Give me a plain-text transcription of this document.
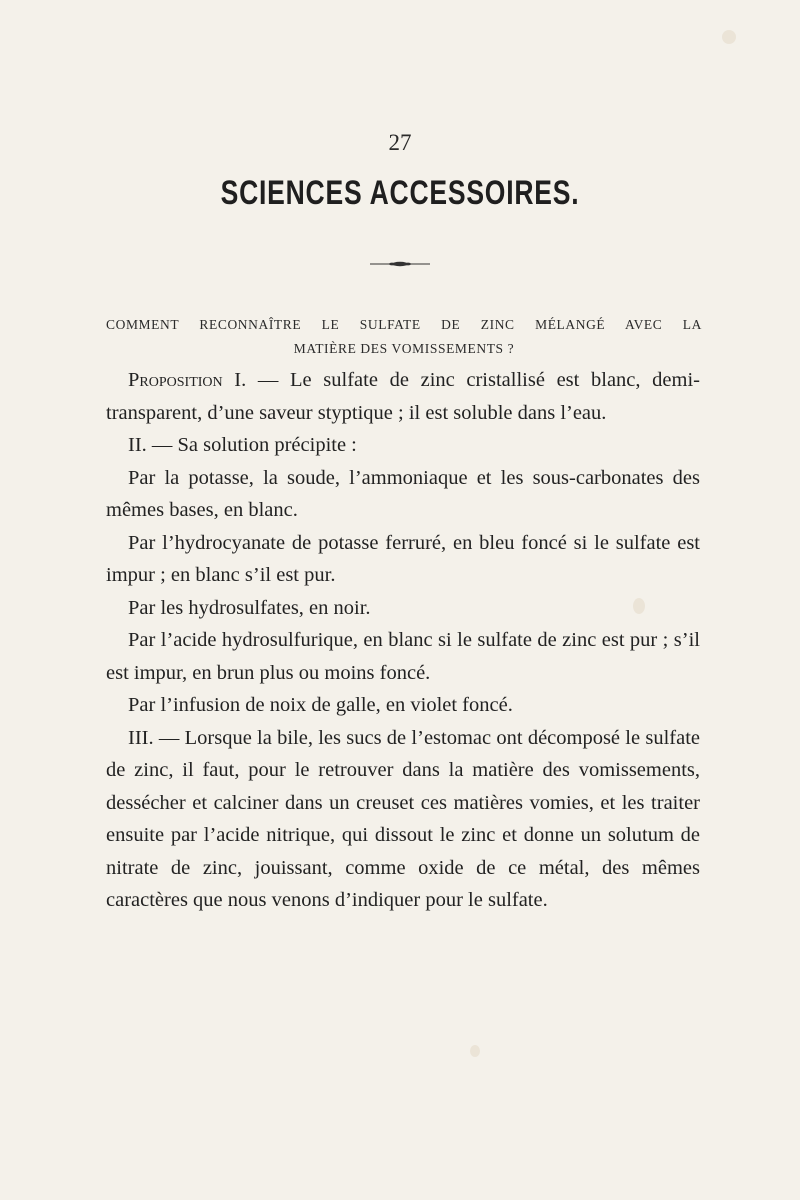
27
SCIENCES ACCESSOIRES.
COMMENT RECONNAÎTRE LE SULFATE DE ZINC MÉLANGÉ AVEC LA
MATIÈRE DES VOMISSEMENTS ?

Proposition I. — Le sulfate de zinc cristallisé est blanc, demi-transparent, d’une saveur styptique ; il est soluble dans l’eau.

II. — Sa solution précipite :

Par la potasse, la soude, l’ammoniaque et les sous-carbonates des mêmes bases, en blanc.

Par l’hydrocyanate de potasse ferruré, en bleu foncé si le sulfate est impur ; en blanc s’il est pur.

Par les hydrosulfates, en noir.

Par l’acide hydrosulfurique, en blanc si le sulfate de zinc est pur ; s’il est impur, en brun plus ou moins foncé.

Par l’infusion de noix de galle, en violet foncé.

III. — Lorsque la bile, les sucs de l’estomac ont décomposé le sulfate de zinc, il faut, pour le retrouver dans la matière des vomissements, dessécher et calciner dans un creuset ces matières vomies, et les traiter ensuite par l’acide nitrique, qui dissout le zinc et donne un solutum de nitrate de zinc, jouissant, comme oxide de ce métal, des mêmes caractères que nous venons d’indiquer pour le sulfate.
